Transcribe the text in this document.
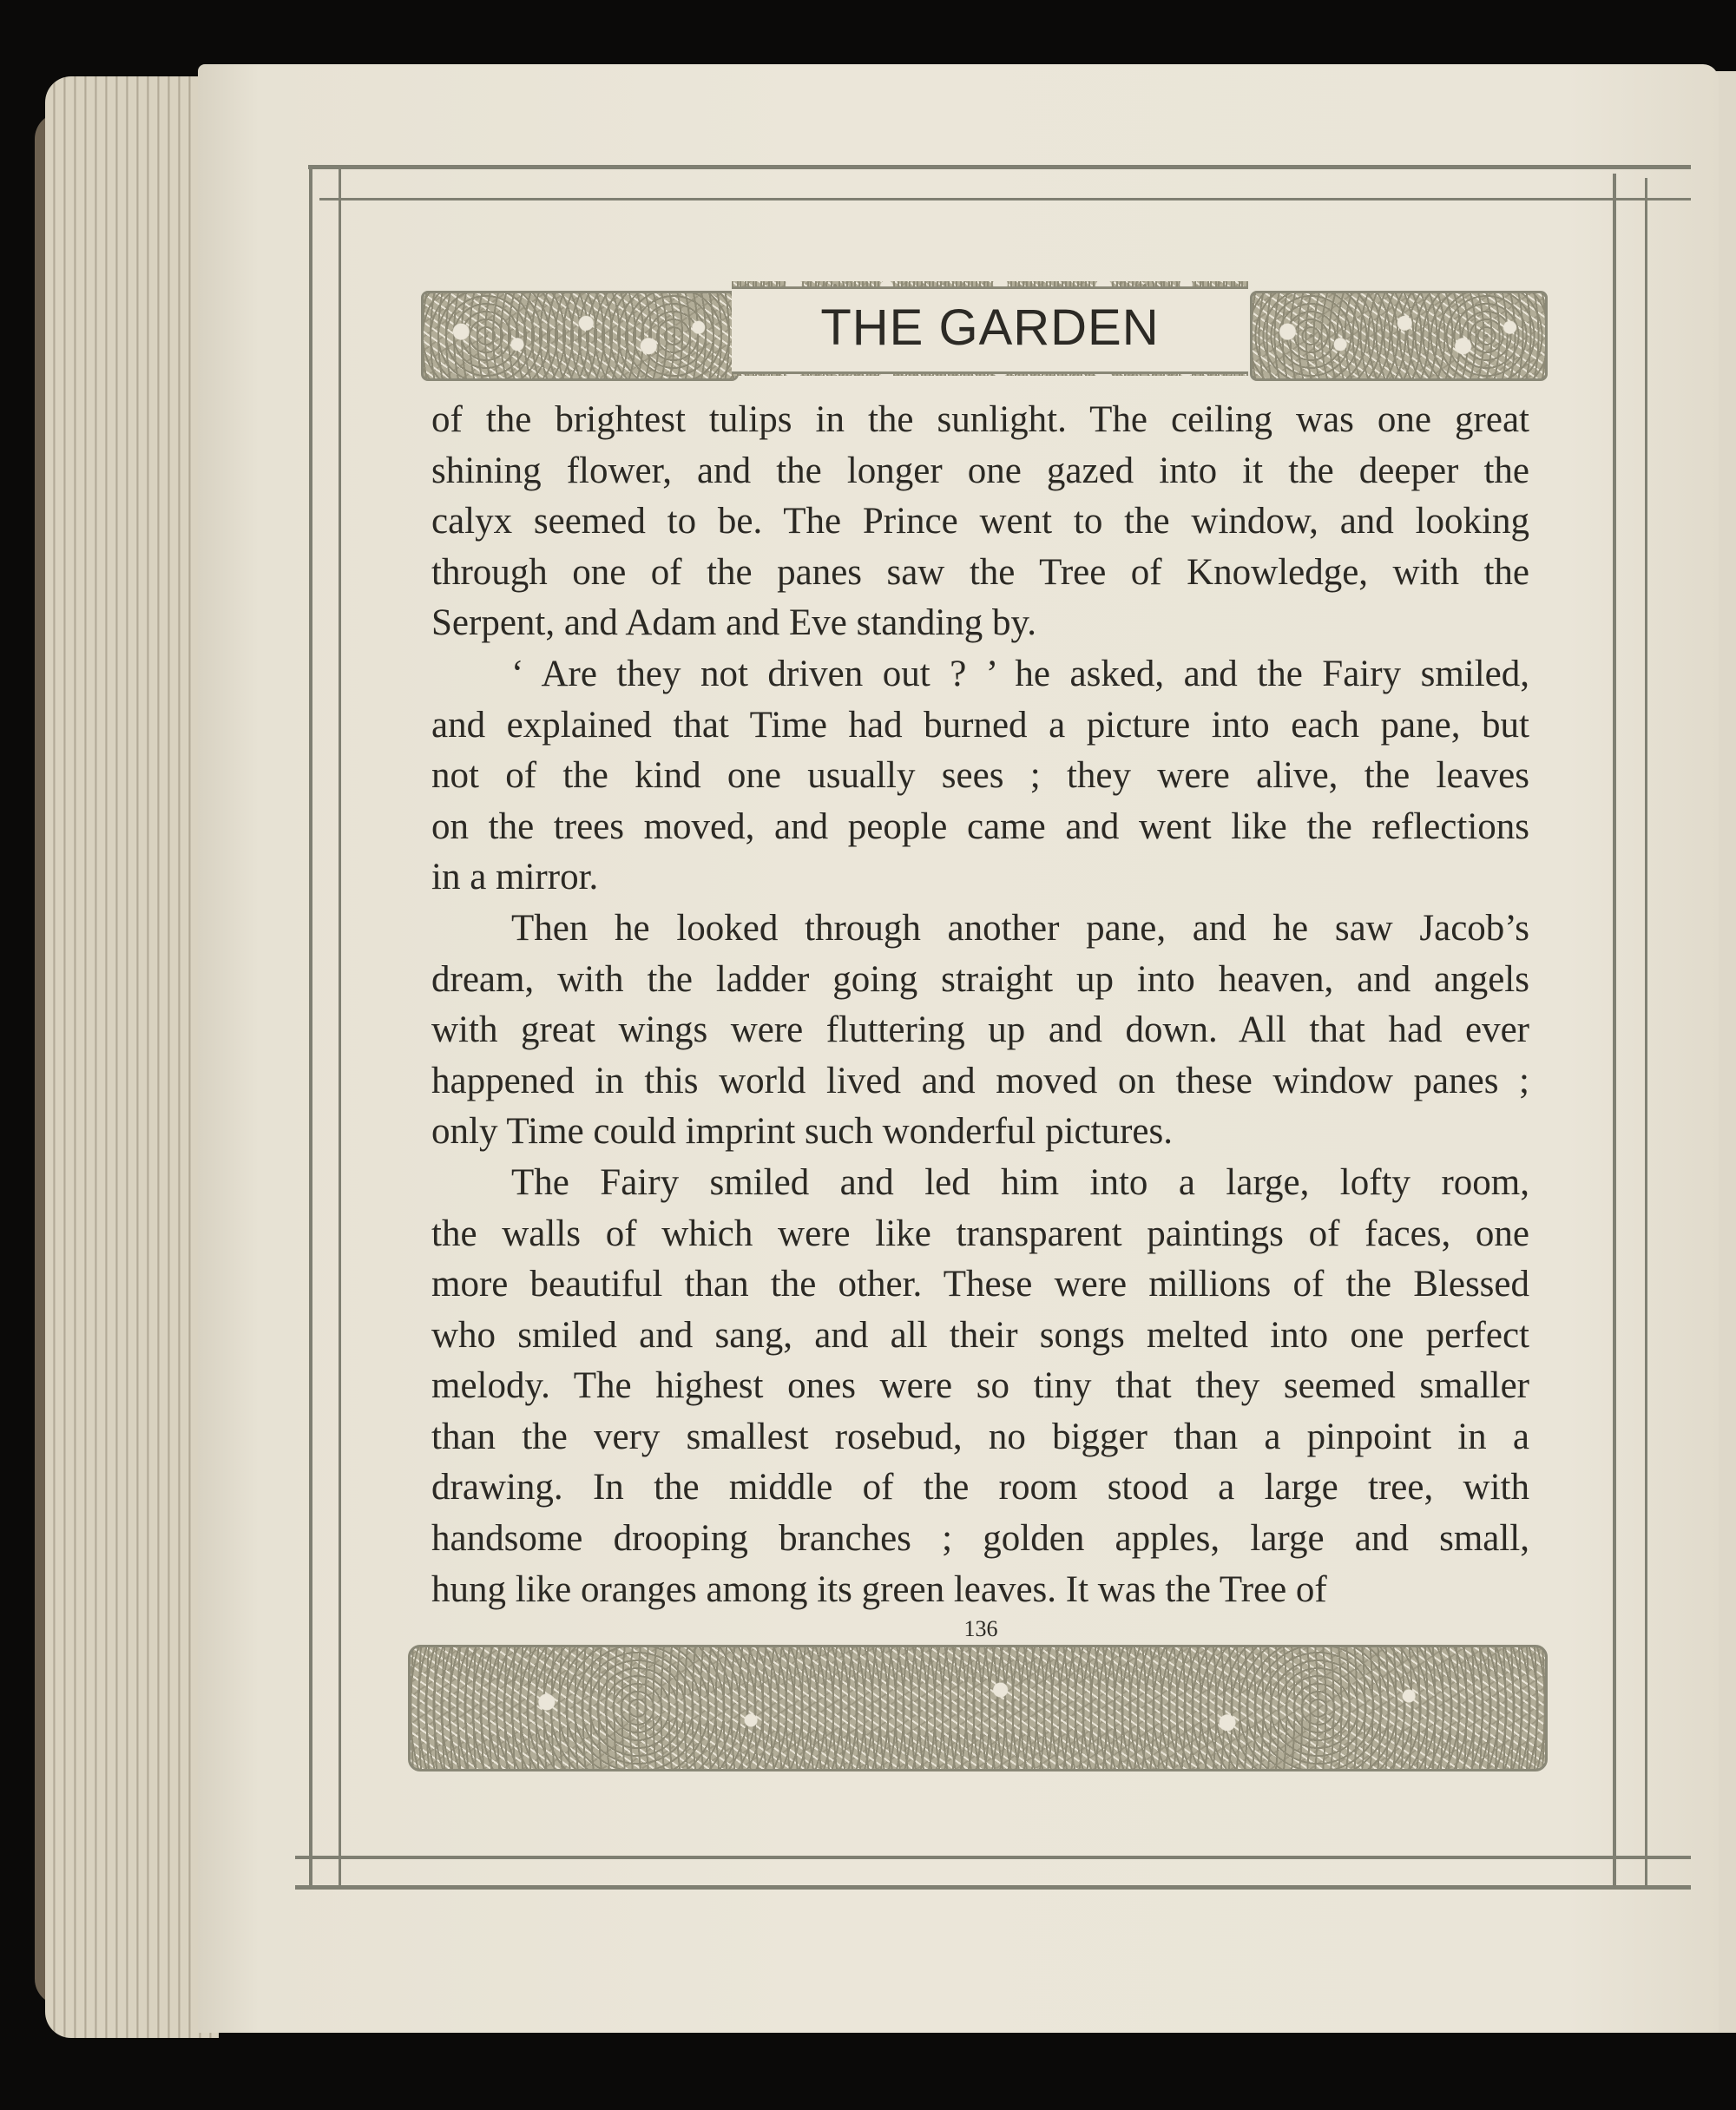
THE GARDEN
of the brightest tulips in the sunlight. The ceiling was one great
shining flower, and the longer one gazed into it the deeper the
calyx seemed to be. The Prince went to the window, and looking
through one of the panes saw the Tree of Knowledge, with the
Serpent, and Adam and Eve standing by.
‘ Are they not driven out ? ’ he asked, and the Fairy smiled,
and explained that Time had burned a picture into each pane, but
not of the kind one usually sees ; they were alive, the leaves
on the trees moved, and people came and went like the reflections
in a mirror.
Then he looked through another pane, and he saw Jacob’s
dream, with the ladder going straight up into heaven, and angels
with great wings were fluttering up and down. All that had ever
happened in this world lived and moved on these window panes ;
only Time could imprint such wonderful pictures.
The Fairy smiled and led him into a large, lofty room,
the walls of which were like transparent paintings of faces, one
more beautiful than the other. These were millions of the Blessed
who smiled and sang, and all their songs melted into one perfect
melody. The highest ones were so tiny that they seemed smaller
than the very smallest rosebud, no bigger than a pinpoint in a
drawing. In the middle of the room stood a large tree, with
handsome drooping branches ; golden apples, large and small,
hung like oranges among its green leaves. It was the Tree of
136
